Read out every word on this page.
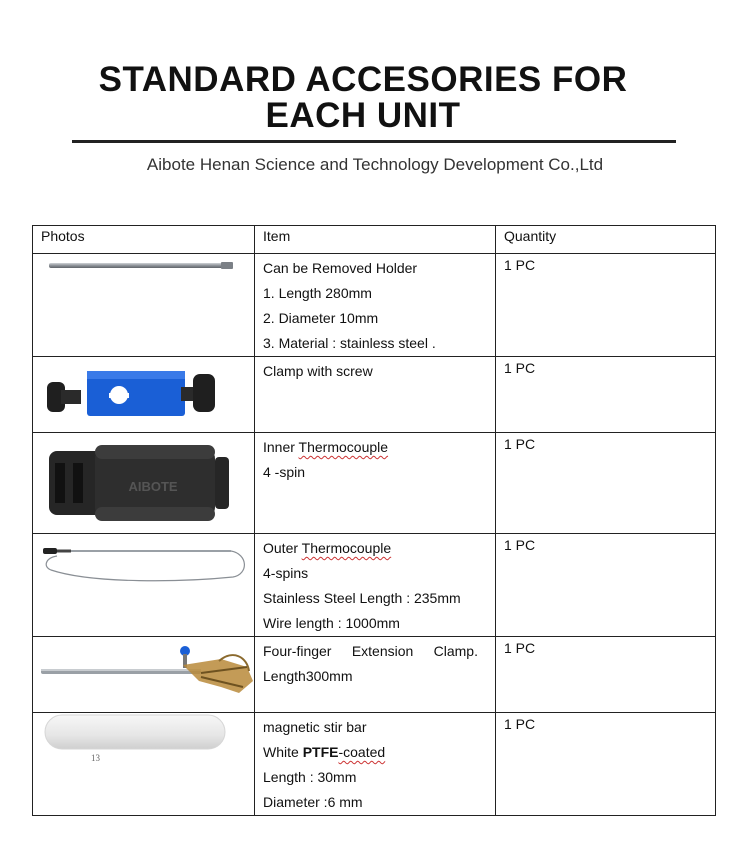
STANDARD ACCESORIES FOR
EACH UNIT
Aibote Henan Science and Technology Development Co.,Ltd
Photos	Item	Quantity

Can be Removed Holder
1. Length 280mm
2. Diameter 10mm
3. Material : stainless steel .	1 PC

Clamp with screw	1 PC

AIBOTE	Inner Thermocouple
4 -spin	1 PC

Outer Thermocouple
4-spins
Stainless Steel Length : 235mm
Wire length : 1000mm	1 PC

Four-finger Extension Clamp.
Length300mm	1 PC

13	magnetic stir bar
White PTFE-coated
Length : 30mm
Diameter :6 mm	1 PC
